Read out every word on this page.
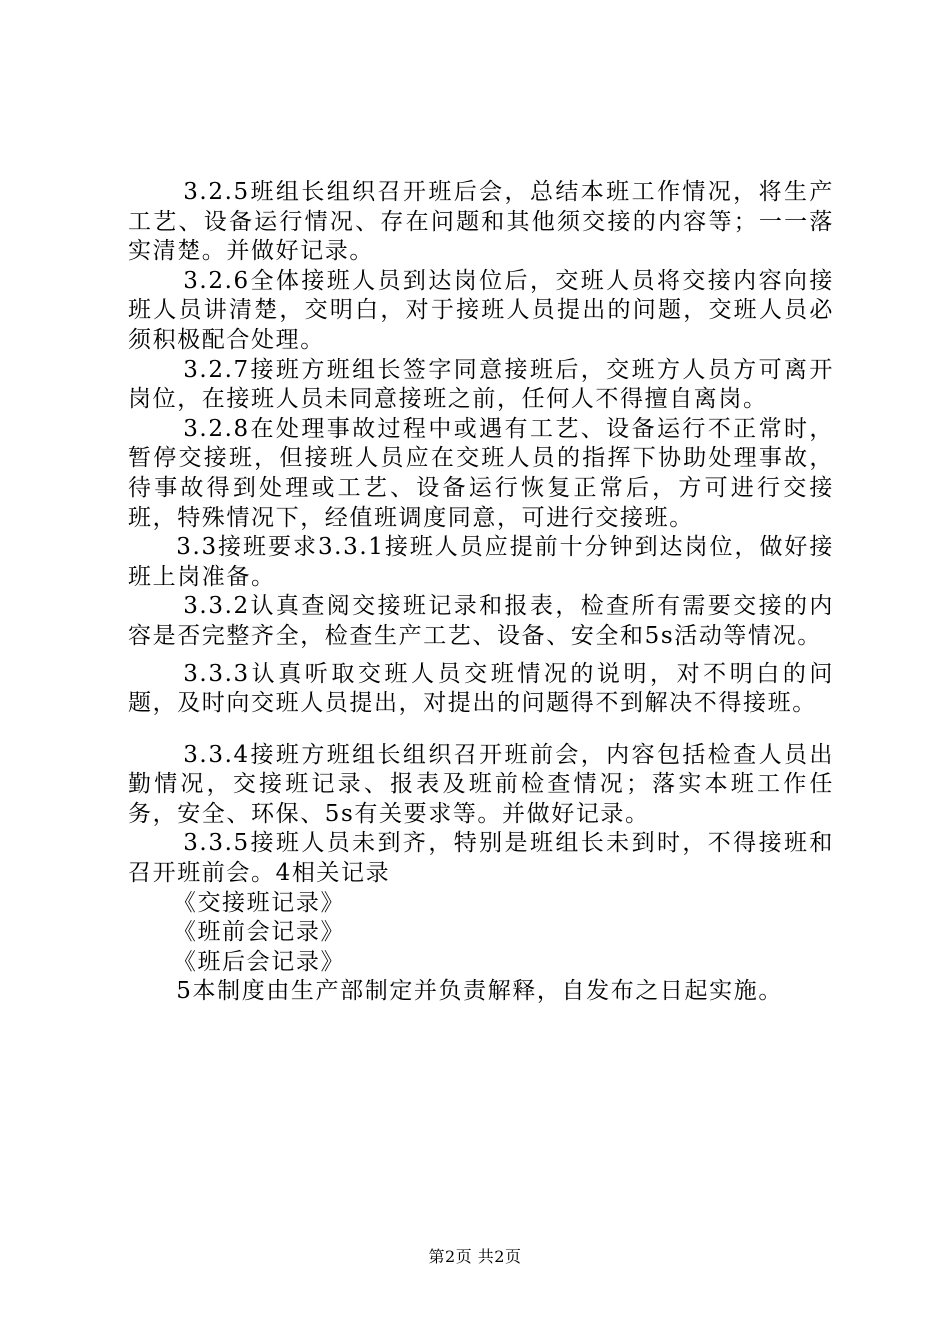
3.2.5班组长组织召开班后会，总结本班工作情况，将生产工艺、设备运行情况、存在问题和其他须交接的内容等；一一落实清楚。并做好记录。

3.2.6全体接班人员到达岗位后，交班人员将交接内容向接班人员讲清楚，交明白，对于接班人员提出的问题，交班人员必须积极配合处理。

3.2.7接班方班组长签字同意接班后，交班方人员方可离开岗位，在接班人员未同意接班之前，任何人不得擅自离岗。

3.2.8在处理事故过程中或遇有工艺、设备运行不正常时，暂停交接班，但接班人员应在交班人员的指挥下协助处理事故，待事故得到处理或工艺、设备运行恢复正常后，方可进行交接班，特殊情况下，经值班调度同意，可进行交接班。

3.3接班要求3.3.1接班人员应提前十分钟到达岗位，做好接班上岗准备。

3.3.2认真查阅交接班记录和报表，检查所有需要交接的内容是否完整齐全，检查生产工艺、设备、安全和5s活动等情况。

3.3.3认真听取交班人员交班情况的说明，对不明白的问题，及时向交班人员提出，对提出的问题得不到解决不得接班。

3.3.4接班方班组长组织召开班前会，内容包括检查人员出勤情况，交接班记录、报表及班前检查情况；落实本班工作任务，安全、环保、5s有关要求等。并做好记录。

3.3.5接班人员未到齐，特别是班组长未到时，不得接班和召开班前会。4相关记录

《交接班记录》

《班前会记录》

《班后会记录》

5本制度由生产部制定并负责解释，自发布之日起实施。

第2页 共2页
